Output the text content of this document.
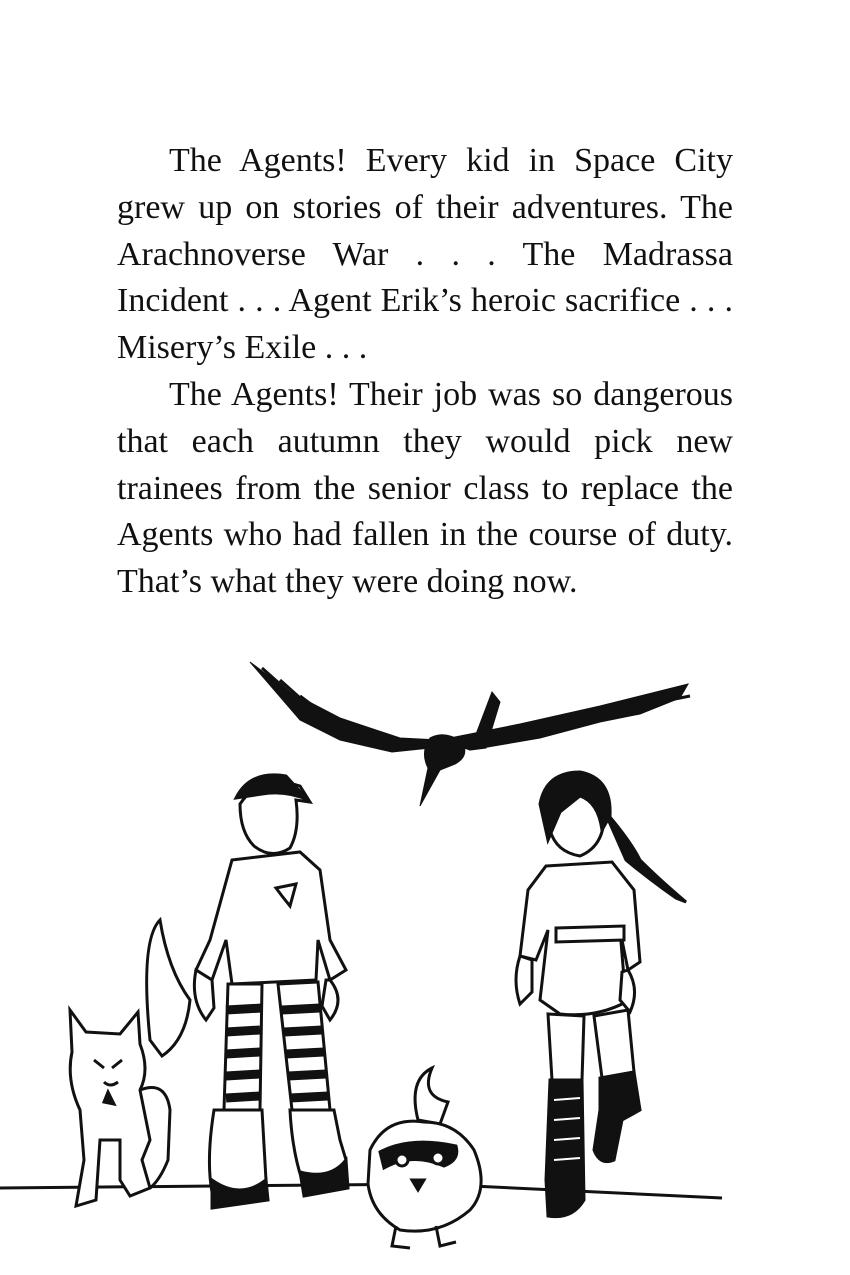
The Agents! Every kid in Space City grew up on stories of their adventures. The Arachnoverse War . . . The Madrassa Incident . . . Agent Erik’s heroic sacrifice . . . Misery’s Exile . . .

The Agents! Their job was so dangerous that each autumn they would pick new trainees from the senior class to replace the Agents who had fallen in the course of duty. That’s what they were doing now.
